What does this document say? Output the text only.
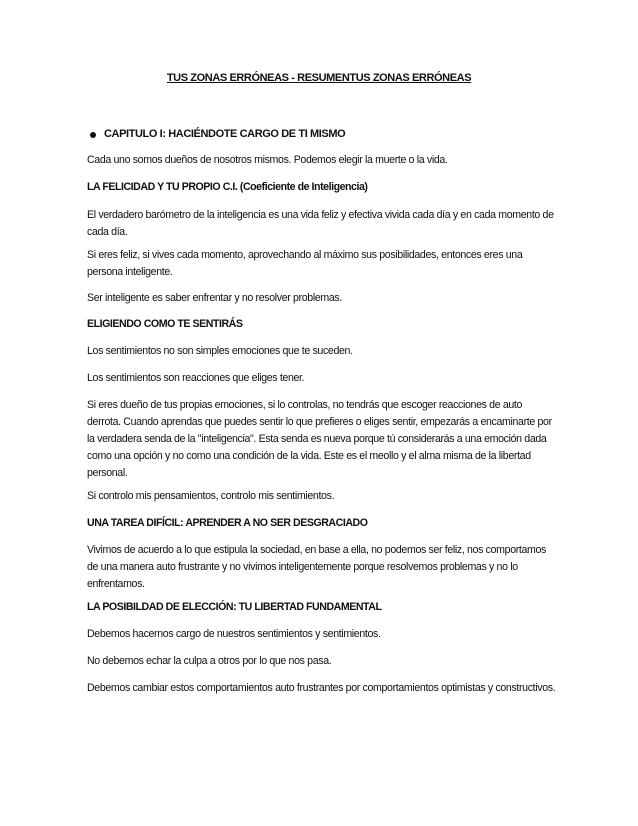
TUS ZONAS ERRÓNEAS - RESUMENTUS ZONAS ERRÓNEAS
CAPITULO I: HACIÉNDOTE CARGO DE TI MISMO
Cada uno somos dueños de nosotros mismos. Podemos elegir la muerte o la vida.
LA FELICIDAD Y TU PROPIO C.I. (Coeficiente de Inteligencia)
El verdadero barómetro de la inteligencia es una vida feliz y efectiva vivida cada día y en cada momento de cada día.
Si eres feliz, si vives cada momento, aprovechando al máximo sus posibilidades, entonces eres una persona inteligente.
Ser inteligente es saber enfrentar y no resolver problemas.
ELIGIENDO COMO TE SENTIRÁS
Los sentimientos no son simples emociones que te suceden.
Los sentimientos son reacciones que eliges tener.
Si eres dueño de tus propias emociones, si lo controlas, no tendrás que escoger reacciones de auto derrota. Cuando aprendas que puedes sentir lo que prefieres o eliges sentir, empezarás a encaminarte por la verdadera senda de la "inteligencia". Esta senda es nueva porque tú considerarás a una emoción dada como una opción y no como una condición de la vida. Este es el meollo y el alma misma de la libertad personal.
Si controlo mis pensamientos, controlo mis sentimientos.
UNA TAREA DIFÍCIL: APRENDER A NO SER DESGRACIADO
Vivimos de acuerdo a lo que estipula la sociedad, en base a ella, no podemos ser feliz, nos comportamos de una manera auto frustrante y no vivimos inteligentemente porque resolvemos problemas y no lo enfrentamos.
LA POSIBILDAD DE ELECCIÓN: TU LIBERTAD FUNDAMENTAL
Debemos hacernos cargo de nuestros sentimientos y sentimientos.
No debemos echar la culpa a otros por lo que nos pasa.
Debemos cambiar estos comportamientos auto frustrantes por comportamientos optimistas y constructivos.
